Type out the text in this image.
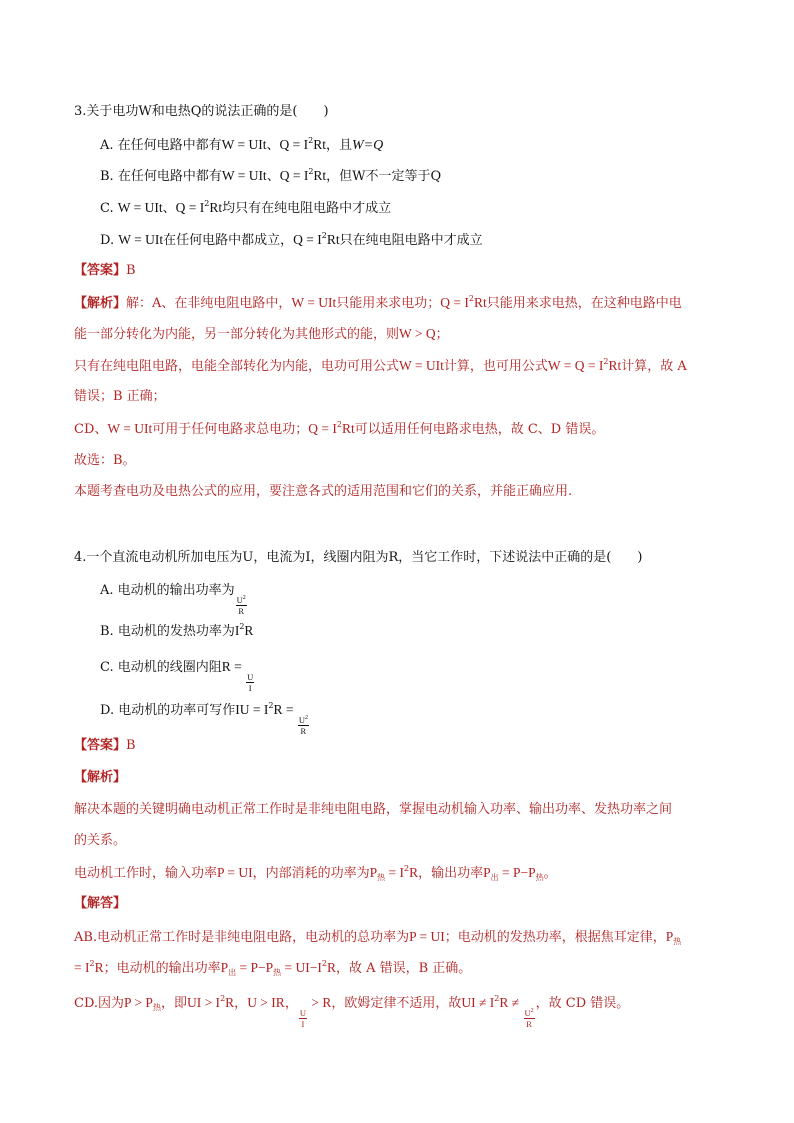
3.关于电功W和电热Q的说法正确的是(　　)
A. 在任何电路中都有W = UIt、$Q = I^2Rt$，且W=Q
B. 在任何电路中都有W = UIt、$Q = I^2Rt$，但W不一定等于Q
C. W = UIt、$Q = I^2Rt$均只有在纯电阻电路中才成立
D. W = UIt在任何电路中都成立，$Q = I^2Rt$只在纯电阻电路中才成立
【答案】B
【解析】解：A、在非纯电阻电路中，W = UIt只能用来求电功；$Q = I^2Rt$只能用来求电热，在这种电路中电
能一部分转化为内能，另一部分转化为其他形式的能，则W > Q；
只有在纯电阻电路，电能全部转化为内能，电功可用公式W = UIt计算，也可用公式$W = Q = I^2Rt$计算，故 A
错误；B 正确；
CD、W = UIt可用于任何电路求总电功；$Q = I^2Rt$可以适用任何电路求电热，故 C、D 错误。
故选：B。
本题考查电功及电热公式的应用，要注意各式的适用范围和它们的关系，并能正确应用.
4.一个直流电动机所加电压为U，电流为I，线圈内阻为R，当它工作时，下述说法中正确的是(　　)
A. 电动机的输出功率为
$\frac{U^2}{R}$
B. 电动机的发热功率为$I^2R$
C. 电动机的线圈内阻R =
$\frac{U}{I}$
D. 电动机的功率可写作IU = $I^2R$ =
$\frac{U^2}{R}$
【答案】B
【解析】
解决本题的关键明确电动机正常工作时是非纯电阻电路，掌握电动机输入功率、输出功率、发热功率之间
的关系。
电动机工作时，输入功率P = UI，内部消耗的功率为$P_热 = I^2R$，输出功率$P_出 = P-P_热$。
【解答】
AB.电动机正常工作时是非纯电阻电路，电动机的总功率为P = UI；电动机的发热功率，根据焦耳定律，$P_热$
= $I^2R$；电动机的输出功率$P_出 = P-P_热 = UI-I^2R$，故 A 错误，B 正确。
CD.因为$P > P_热$，即UI > $I^2R$，U > IR，
$\frac{U}{I}$
> R，欧姆定律不适用，故UI ≠ $I^2R$ ≠
$\frac{U^2}{R}$
，故 CD 错误。
